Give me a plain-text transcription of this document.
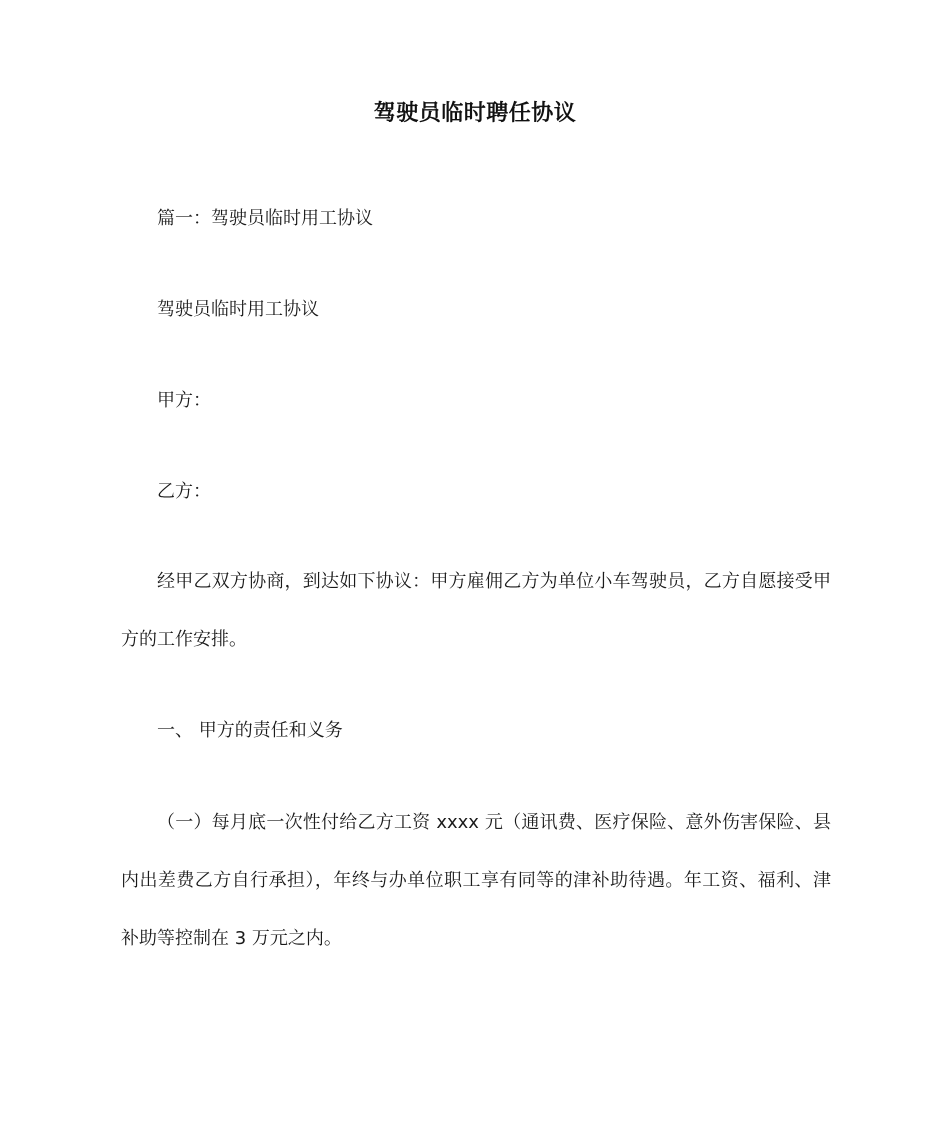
驾驶员临时聘任协议
篇一：驾驶员临时用工协议
驾驶员临时用工协议
甲方：
乙方：
经甲乙双方协商，到达如下协议：甲方雇佣乙方为单位小车驾驶员，乙方自愿接受甲方的工作安排。
一、 甲方的责任和义务
（一）每月底一次性付给乙方工资 xxxx 元（通讯费、医疗保险、意外伤害保险、县内出差费乙方自行承担），年终与办单位职工享有同等的津补助待遇。年工资、福利、津补助等控制在 3 万元之内。
